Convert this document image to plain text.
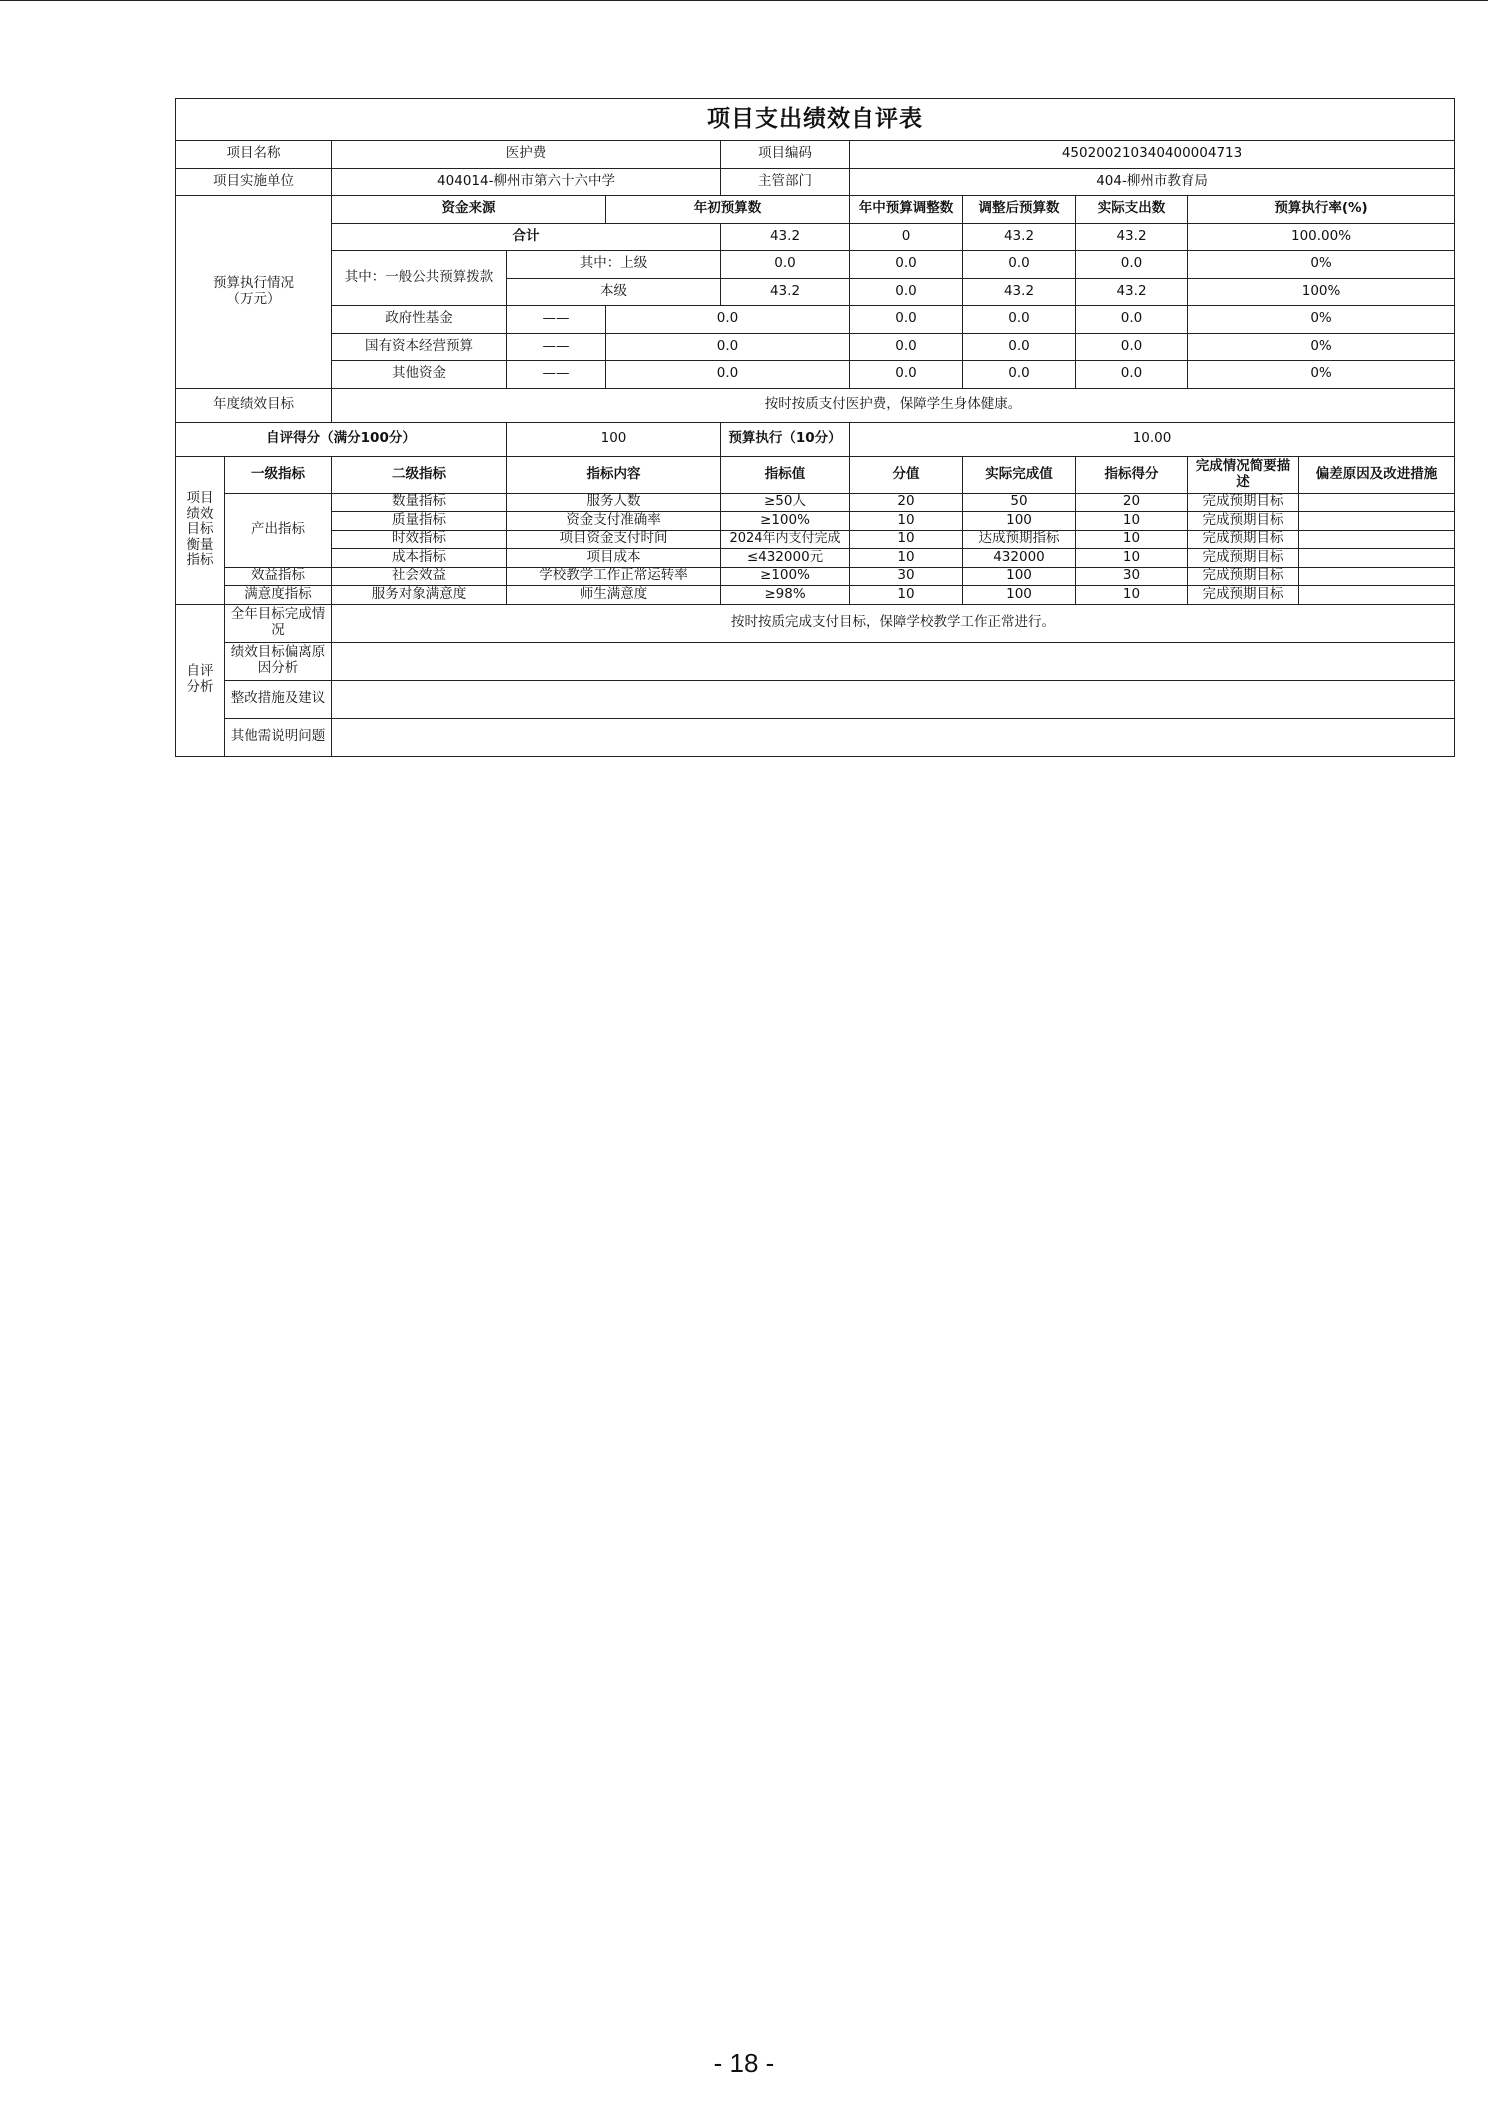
项目支出绩效自评表										
项目名称		医护费			项目编码	450200210340400004713				
项目实施单位		404014-柳州市第六十六中学			主管部门	404-柳州市教育局				
预算执行情况
（万元）		资金来源		年初预算数		年中预算调整数	调整后预算数	实际支出数	预算执行率(%)	
		合计			43.2	0	43.2	43.2	100.00%	
		其中：一般公共预算拨款	其中：上级		0.0	0.0	0.0	0.0	0%	
			本级		43.2	0.0	43.2	43.2	100%	
		政府性基金	——	0.0		0.0	0.0	0.0	0%	
		国有资本经营预算	——	0.0		0.0	0.0	0.0	0%	
		其他资金	——	0.0		0.0	0.0	0.0	0%	
年度绩效目标		按时按质支付医护费，保障学生身体健康。								
自评得分（满分100分）			100		预算执行（10分）	10.00				
项目
绩效
目标
衡量
指标	一级指标	二级指标	指标内容		指标值	分值	实际完成值	指标得分	完成情况简要描述	偏差原因及改进措施
	产出指标	数量指标	服务人数		≥50人	20	50	20	完成预期目标	
		质量指标	资金支付准确率		≥100%	10	100	10	完成预期目标	
		时效指标	项目资金支付时间		2024年内支付完成	10	达成预期指标	10	完成预期目标	
		成本指标	项目成本		≤432000元	10	432000	10	完成预期目标	
	效益指标	社会效益	学校教学工作正常运转率		≥100%	30	100	30	完成预期目标	
	满意度指标	服务对象满意度	师生满意度		≥98%	10	100	10	完成预期目标	
自评
分析	全年目标完成情况	按时按质完成支付目标，保障学校教学工作正常进行。								
	绩效目标偏离原因分析									
	整改措施及建议									
	其他需说明问题									
- 18 -
